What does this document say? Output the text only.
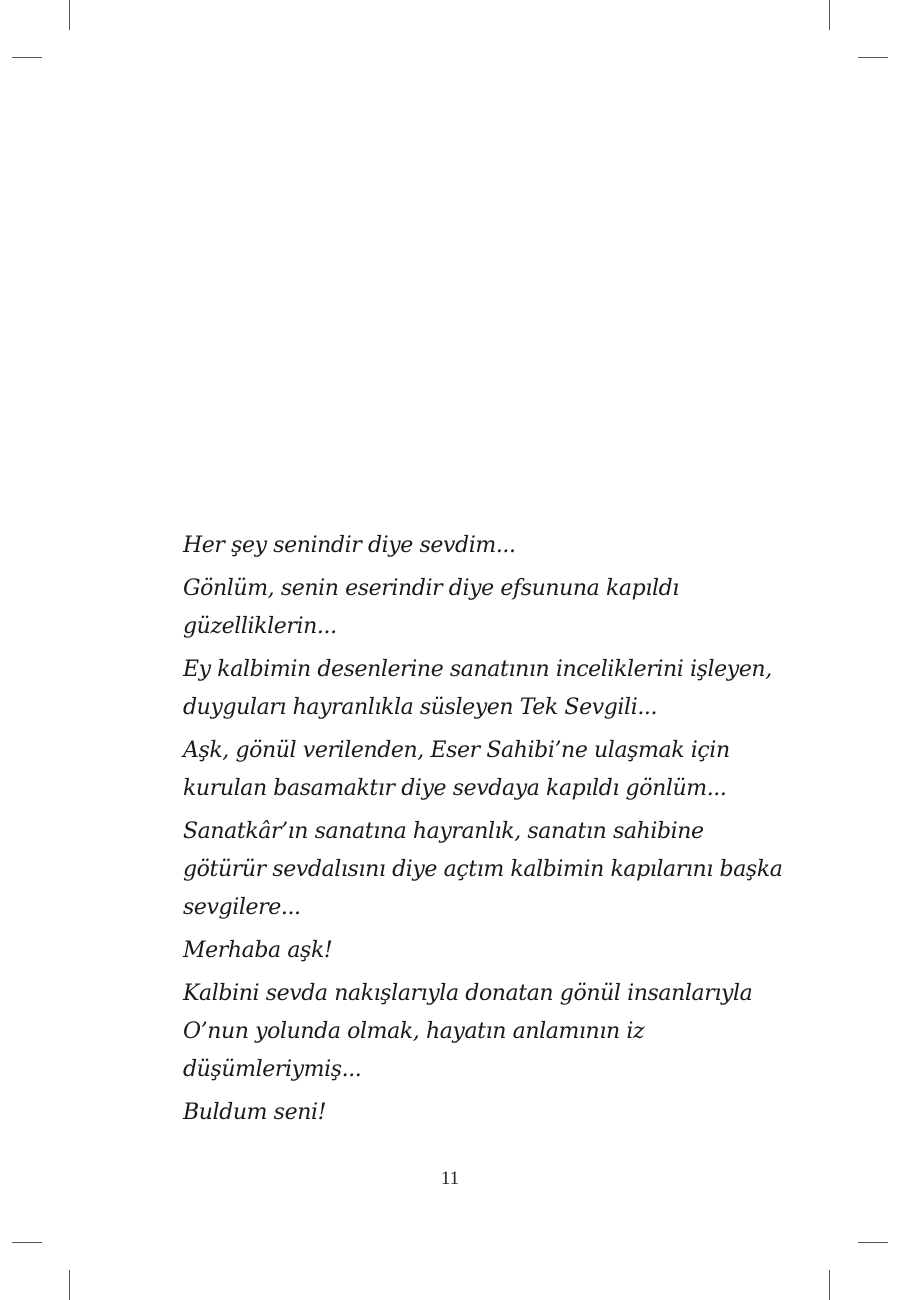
Her şey senindir diye sevdim...

Gönlüm, senin eserindir diye efsununa kapıldı
güzelliklerin...

Ey kalbimin desenlerine sanatının inceliklerini işleyen,
duyguları hayranlıkla süsleyen Tek Sevgili...

Aşk, gönül verilenden, Eser Sahibi’ne ulaşmak için
kurulan basamaktır diye sevdaya kapıldı gönlüm...

Sanatkâr’ın sanatına hayranlık, sanatın sahibine
götürür sevdalısını diye açtım kalbimin kapılarını başka
sevgilere...

Merhaba aşk!

Kalbini sevda nakışlarıyla donatan gönül insanlarıyla
O’nun yolunda olmak, hayatın anlamının iz
düşümleriymiş...

Buldum seni!

11
